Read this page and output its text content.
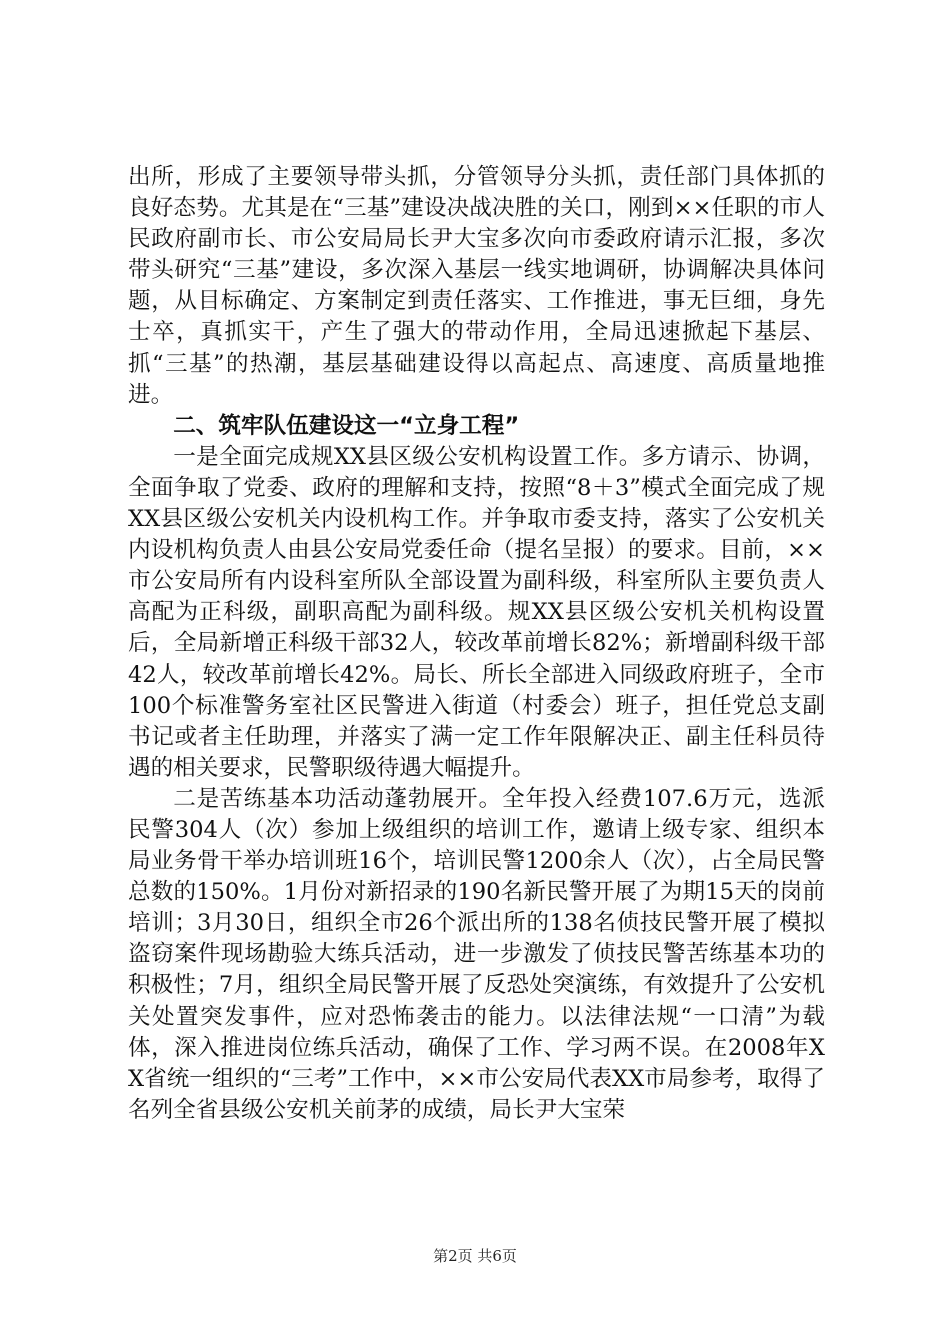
出所，形成了主要领导带头抓，分管领导分头抓，责任部门具体抓的良好态势。尤其是在“三基”建设决战决胜的关口，刚到××任职的市人民政府副市长、市公安局局长尹大宝多次向市委政府请示汇报，多次带头研究“三基”建设，多次深入基层一线实地调研，协调解决具体问题，从目标确定、方案制定到责任落实、工作推进，事无巨细，身先士卒，真抓实干，产生了强大的带动作用，全局迅速掀起下基层、抓“三基”的热潮，基层基础建设得以高起点、高速度、高质量地推进。

二、筑牢队伍建设这一“立身工程”

一是全面完成规XX县区级公安机构设置工作。多方请示、协调，全面争取了党委、政府的理解和支持，按照“8＋3”模式全面完成了规XX县区级公安机关内设机构工作。并争取市委支持，落实了公安机关内设机构负责人由县公安局党委任命（提名呈报）的要求。目前，××市公安局所有内设科室所队全部设置为副科级，科室所队主要负责人高配为正科级，副职高配为副科级。规XX县区级公安机关机构设置后，全局新增正科级干部32人，较改革前增长82%；新增副科级干部42人，较改革前增长42%。局长、所长全部进入同级政府班子，全市100个标准警务室社区民警进入街道（村委会）班子，担任党总支副书记或者主任助理，并落实了满一定工作年限解决正、副主任科员待遇的相关要求，民警职级待遇大幅提升。

二是苦练基本功活动蓬勃展开。全年投入经费107.6万元，选派民警304人（次）参加上级组织的培训工作，邀请上级专家、组织本局业务骨干举办培训班16个，培训民警1200余人（次），占全局民警总数的150%。1月份对新招录的190名新民警开展了为期15天的岗前培训；3月30日，组织全市26个派出所的138名侦技民警开展了模拟盗窃案件现场勘验大练兵活动，进一步激发了侦技民警苦练基本功的积极性；7月，组织全局民警开展了反恐处突演练，有效提升了公安机关处置突发事件，应对恐怖袭击的能力。以法律法规“一口清”为载体，深入推进岗位练兵活动，确保了工作、学习两不误。在2008年XX省统一组织的“三考”工作中，××市公安局代表XX市局参考，取得了名列全省县级公安机关前茅的成绩，局长尹大宝荣

第2页 共6页
